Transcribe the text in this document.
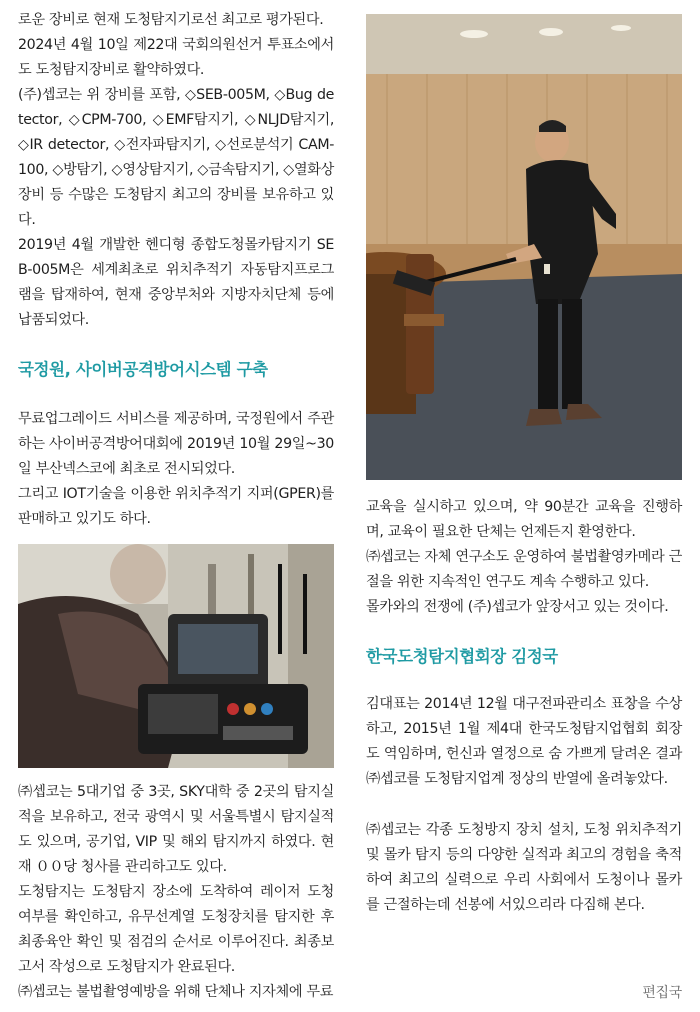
로운 장비로 현재 도청탐지기로선 최고로 평가된다.

2024년 4월 10일 제22대 국회의원선거 투표소에서 도 도청탐지장비로 활약하였다.

(주)셉코는 위 장비를 포함, ◇SEB-005M, ◇Bug detector, ◇CPM-700, ◇EMF탐지기, ◇NLJD탐지기, ◇IR detector, ◇전자파탐지기, ◇선로분석기 CAM-100, ◇방탐기, ◇영상탐지기, ◇금속탐지기, ◇열화상 장비 등 수많은 도청탐지 최고의 장비를 보유하고 있다.

2019년 4월 개발한 헨디형 종합도청몰카탐지기 SEB-005M은 세계최초로 위치추적기 자동탐지프로그램을 탑재하여, 현재 중앙부처와 지방자치단체 등에 납품되었다.

국정원, 사이버공격방어시스템 구축

무료업그레이드 서비스를 제공하며, 국정원에서 주관하는 사이버공격방어대회에 2019년 10월 29일~30일 부산넥스코에 최초로 전시되었다.

그리고 IOT기술을 이용한 위치추적기 지퍼(GPER)를 판매하고 있기도 하다.

㈜셉코는 5대기업 중 3곳, SKY대학 중 2곳의 탐지실적을 보유하고, 전국 광역시 및 서울특별시 탐지실적도 있으며, 공기업, VIP 및 해외 탐지까지 하였다. 현재 ００당 청사를 관리하고도 있다.

도청탐지는 도청탐지 장소에 도착하여 레이저 도청 여부를 확인하고, 유무선계열 도청장치를 탐지한 후 최종육안 확인 및 점검의 순서로 이루어진다. 최종보고서 작성으로 도청탐지가 완료된다.

㈜셉코는 불법촬영예방을 위해 단체나 지자체에 무료

교육을 실시하고 있으며, 약 90분간 교육을 진행하며, 교육이 필요한 단체는 언제든지 환영한다.

㈜셉코는 자체 연구소도 운영하여 불법촬영카메라 근절을 위한 지속적인 연구도 계속 수행하고 있다.

몰카와의 전쟁에 (주)셉코가 앞장서고 있는 것이다.

한국도청탐지협회장 김정국

김대표는 2014년 12월 대구전파관리소 표창을 수상하고, 2015년 1월 제4대 한국도청탐지업협회 회장도 역임하며, 헌신과 열정으로 숨 가쁘게 달려온 결과 ㈜셉코를 도청탐지업계 정상의 반열에 올려놓았다.

㈜셉코는 각종 도청방지 장치 설치, 도청 위치추적기 및 몰카 탐지 등의 다양한 실적과 최고의 경험을 축적하여 최고의 실력으로 우리 사회에서 도청이나 몰카를 근절하는데 선봉에 서있으리라 다짐해 본다.

편집국
